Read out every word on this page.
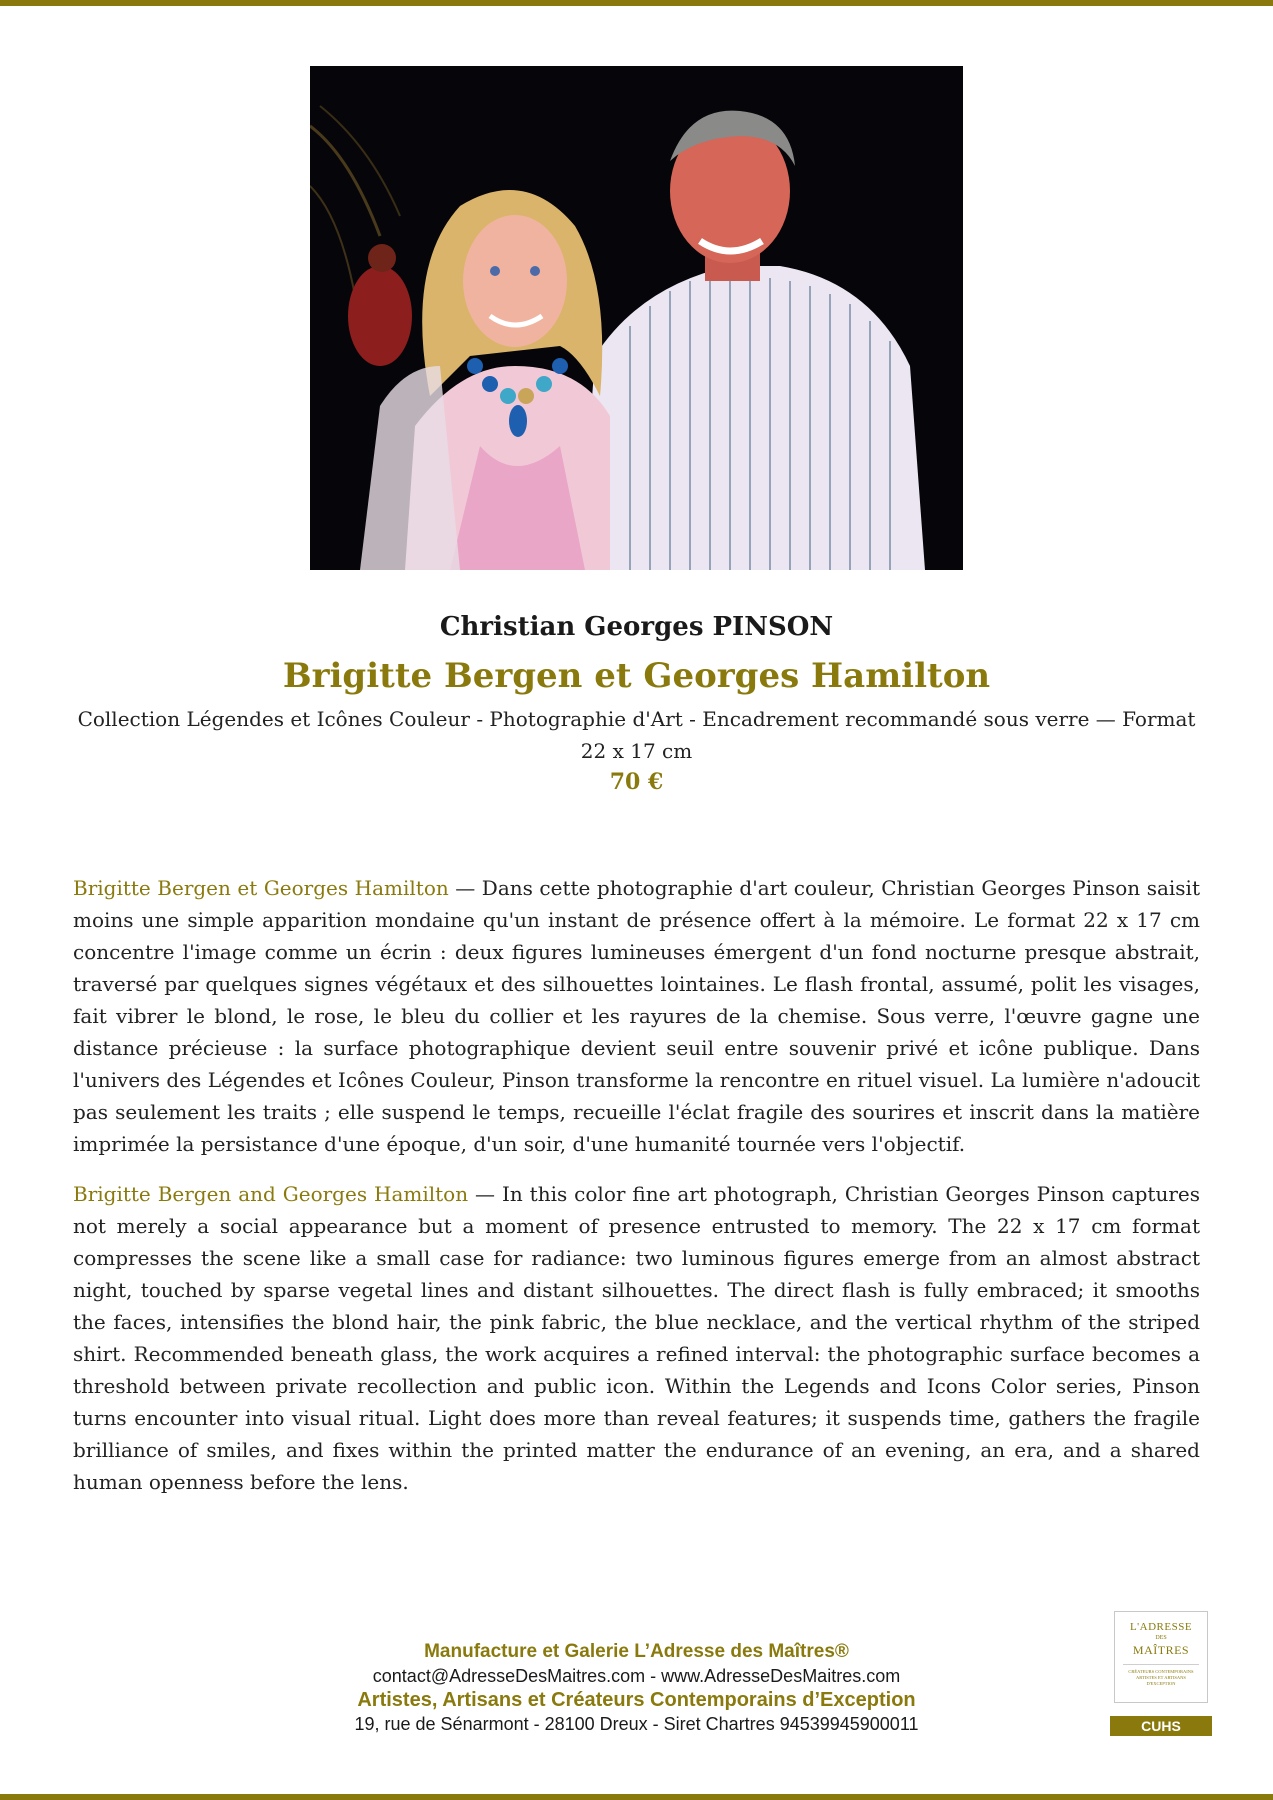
Christian Georges PINSON
Brigitte Bergen et Georges Hamilton
Collection Légendes et Icônes Couleur - Photographie d'Art - Encadrement recommandé sous verre — Format 22 x 17 cm
70 €

Brigitte Bergen et Georges Hamilton — Dans cette photographie d'art couleur, Christian Georges Pinson saisit moins une simple apparition mondaine qu'un instant de présence offert à la mémoire. Le format 22 x 17 cm concentre l'image comme un écrin : deux figures lumineuses émergent d'un fond nocturne presque abstrait, traversé par quelques signes végétaux et des silhouettes lointaines. Le flash frontal, assumé, polit les visages, fait vibrer le blond, le rose, le bleu du collier et les rayures de la chemise. Sous verre, l'œuvre gagne une distance précieuse : la surface photographique devient seuil entre souvenir privé et icône publique. Dans l'univers des Légendes et Icônes Couleur, Pinson transforme la rencontre en rituel visuel. La lumière n'adoucit pas seulement les traits ; elle suspend le temps, recueille l'éclat fragile des sourires et inscrit dans la matière imprimée la persistance d'une époque, d'un soir, d'une humanité tournée vers l'objectif.

Brigitte Bergen and Georges Hamilton — In this color fine art photograph, Christian Georges Pinson captures not merely a social appearance but a moment of presence entrusted to memory. The 22 x 17 cm format compresses the scene like a small case for radiance: two luminous figures emerge from an almost abstract night, touched by sparse vegetal lines and distant silhouettes. The direct flash is fully embraced; it smooths the faces, intensifies the blond hair, the pink fabric, the blue necklace, and the vertical rhythm of the striped shirt. Recommended beneath glass, the work acquires a refined interval: the photographic surface becomes a threshold between private recollection and public icon. Within the Legends and Icons Color series, Pinson turns encounter into visual ritual. Light does more than reveal features; it suspends time, gathers the fragile brilliance of smiles, and fixes within the printed matter the endurance of an evening, an era, and a shared human openness before the lens.

Manufacture et Galerie L’Adresse des Maîtres®
contact@AdresseDesMaitres.com - www.AdresseDesMaitres.com
Artistes, Artisans et Créateurs Contemporains d’Exception
19, rue de Sénarmont - 28100 Dreux - Siret Chartres 94539945900011
L'ADRESSE
DES
MAÎTRES
CRÉATEURS CONTEMPORAINS
ARTISTES ET ARTISANS
D'EXCEPTION
CUHS
